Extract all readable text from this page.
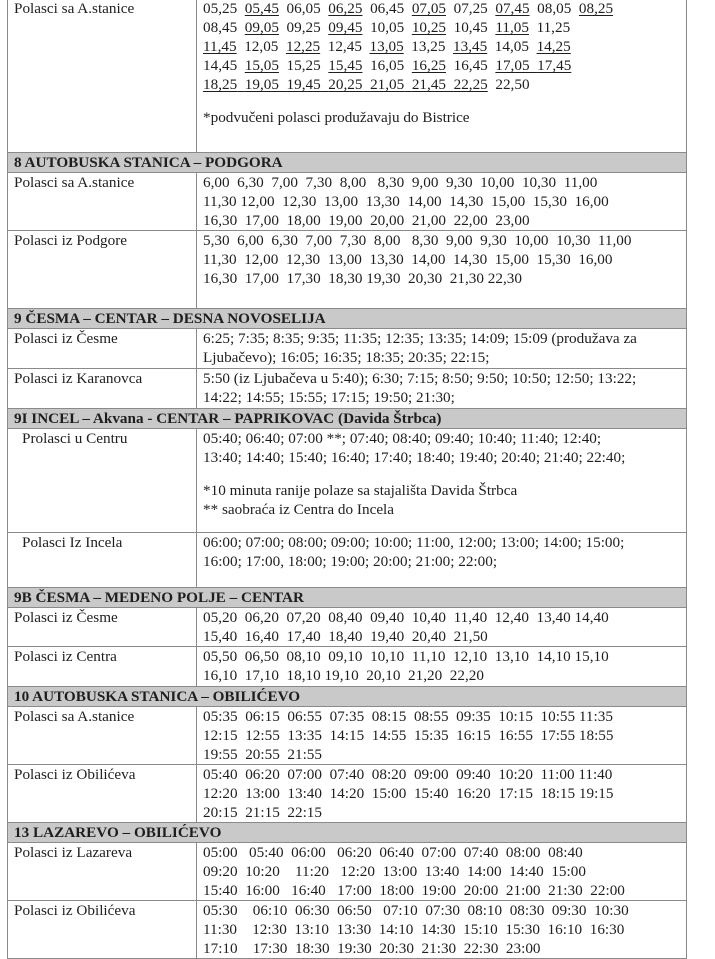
Polasci sa A.stanice	05,25 05,45 06,05 06,25 06,45 07,05 07,25 07,45 08,05 08,25
08,45 09,05 09,25 09,45 10,05 10,25 10,45 11,05 11,25
11,45 12,05 12,25 12,45 13,05 13,25 13,45 14,05 14,25
14,45 15,05 15,25 15,45 16,05 16,25 16,45 17,05 17,45
18,25 19,05 19,45 20,25 21,05 21,45 22,25 22,50
*podvučeni polasci produžavaju do Bistrice

8 AUTOBUSKA STANICA – PODGORA	
Polasci sa A.stanice	6,00  6,30  7,00  7,30  8,00   8,30  9,00  9,30  10,00  10,30  11,00
11,30 12,00  12,30  13,00  13,30  14,00  14,30  15,00  15,30  16,00
16,30  17,00  18,00  19,00  20,00  21,00  22,00  23,00

Polasci iz Podgore	5,30  6,00  6,30  7,00  7,30  8,00   8,30  9,00  9,30  10,00  10,30  11,00
11,30  12,00  12,30  13,00  13,30  14,00  14,30  15,00  15,30  16,00
16,30  17,00  17,30  18,30 19,30  20,30  21,30 22,30

9 ČESMA – CENTAR – DESNA NOVOSELIJA	
Polasci iz Česme	6:25; 7:35; 8:35; 9:35; 11:35; 12:35; 13:35; 14:09; 15:09 (produžava za
Ljubačevo); 16:05; 16:35; 18:35; 20:35; 22:15;

Polasci iz Karanovca	5:50 (iz Ljubačeva u 5:40); 6:30; 7:15; 8:50; 9:50; 10:50; 12:50; 13:22;
14:22; 14:55; 15:55; 17:15; 19:50; 21:30;

9I INCEL – Akvana - CENTAR – PAPRIKOVAC (Davida Štrbca)	
Prolasci u Centru	05:40; 06:40; 07:00 **; 07:40; 08:40; 09:40; 10:40; 11:40; 12:40;
13:40; 14:40; 15:40; 16:40; 17:40; 18:40; 19:40; 20:40; 21:40; 22:40;
*10 minuta ranije polaze sa stajališta Davida Štrbca
** saobraća iz Centra do Incela

Polasci Iz Incela	06:00; 07:00; 08:00; 09:00; 10:00; 11:00, 12:00; 13:00; 14:00; 15:00;
16:00; 17:00, 18:00; 19:00; 20:00; 21:00; 22:00;

9B ČESMA – MEDENO POLJE – CENTAR	
Polasci iz Česme	05,20  06,20  07,20  08,40  09,40  10,40  11,40  12,40  13,40 14,40
15,40  16,40  17,40  18,40  19,40  20,40  21,50

Polasci iz Centra	05,50  06,50  08,10  09,10  10,10  11,10  12,10  13,10  14,10 15,10
16,10  17,10  18,10 19,10  20,10  21,20  22,20

10 AUTOBUSKA STANICA – OBILIĆEVO	
Polasci sa A.stanice	05:35  06:15  06:55  07:35  08:15  08:55  09:35  10:15  10:55 11:35
12:15  12:55  13:35  14:15  14:55  15:35  16:15  16:55  17:55 18:55
19:55  20:55  21:55

Polasci iz Obilićeva	05:40  06:20  07:00  07:40  08:20  09:00  09:40  10:20  11:00 11:40
12:20  13:00  13:40  14:20  15:00  15:40  16:20  17:15  18:15 19:15
20:15  21:15  22:15

13 LAZAREVO – OBILIĆEVO	
Polasci iz Lazareva	05:00   05:40  06:00   06:20  06:40  07:00  07:40  08:00  08:40
09:20  10:20    11:20   12:20  13:00  13:40  14:00  14:40  15:00
15:40  16:00   16:40   17:00  18:00  19:00  20:00  21:00  21:30  22:00

Polasci iz Obilićeva	05:30    06:10  06:30  06:50   07:10  07:30  08:10  08:30  09:30  10:30
11:30    12:30  13:10  13:30  14:10  14:30  15:10  15:30  16:10  16:30
17:10    17:30  18:30  19:30  20:30  21:30  22:30  23:00
